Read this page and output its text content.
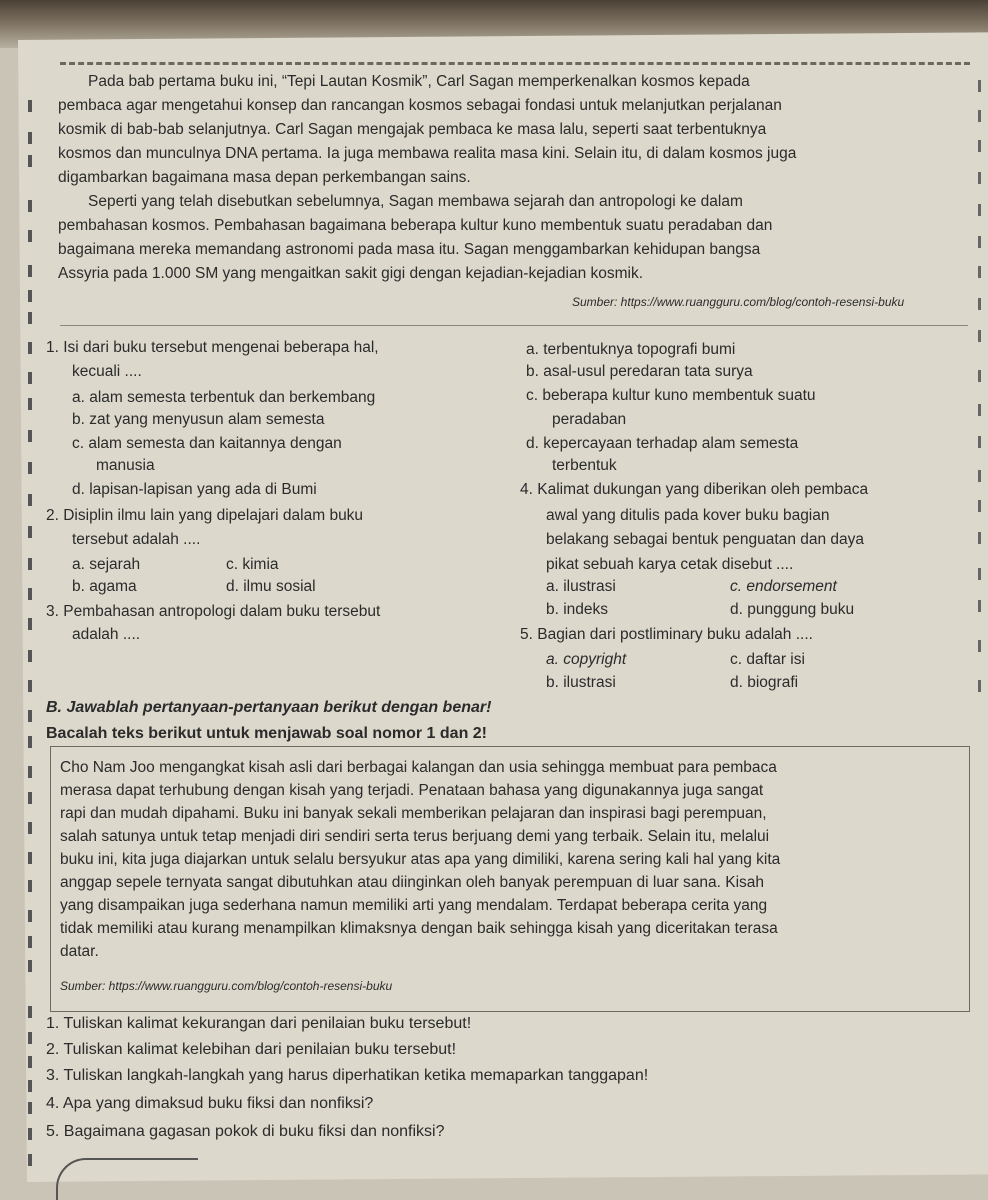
Pada bab pertama buku ini, “Tepi Lautan Kosmik”, Carl Sagan memperkenalkan kosmos kepada
pembaca agar mengetahui konsep dan rancangan kosmos sebagai fondasi untuk melanjutkan perjalanan
kosmik di bab-bab selanjutnya. Carl Sagan mengajak pembaca ke masa lalu, seperti saat terbentuknya
kosmos dan munculnya DNA pertama. Ia juga membawa realita masa kini. Selain itu, di dalam kosmos juga
digambarkan bagaimana masa depan perkembangan sains.
Seperti yang telah disebutkan sebelumnya, Sagan membawa sejarah dan antropologi ke dalam
pembahasan kosmos. Pembahasan bagaimana beberapa kultur kuno membentuk suatu peradaban dan
bagaimana mereka memandang astronomi pada masa itu. Sagan menggambarkan kehidupan bangsa
Assyria pada 1.000 SM yang mengaitkan sakit gigi dengan kejadian-kejadian kosmik.
Sumber: https://www.ruangguru.com/blog/contoh-resensi-buku
1. Isi dari buku tersebut mengenai beberapa hal,
kecuali ....
a. alam semesta terbentuk dan berkembang
b. zat yang menyusun alam semesta
c. alam semesta dan kaitannya dengan
manusia
d. lapisan-lapisan yang ada di Bumi
2. Disiplin ilmu lain yang dipelajari dalam buku
tersebut adalah ....
a. sejarah	c. kimia
b. agama	d. ilmu sosial
3. Pembahasan antropologi dalam buku tersebut
adalah ....
a. terbentuknya topografi bumi
b. asal-usul peredaran tata surya
c. beberapa kultur kuno membentuk suatu
peradaban
d. kepercayaan terhadap alam semesta
terbentuk
4. Kalimat dukungan yang diberikan oleh pembaca
awal yang ditulis pada kover buku bagian
belakang sebagai bentuk penguatan dan daya
pikat sebuah karya cetak disebut ....
a. ilustrasi	c. endorsement
b. indeks	d. punggung buku
5. Bagian dari postliminary buku adalah ....
a. copyright	c. daftar isi
b. ilustrasi	d. biografi
B. Jawablah pertanyaan-pertanyaan berikut dengan benar!
Bacalah teks berikut untuk menjawab soal nomor 1 dan 2!
Cho Nam Joo mengangkat kisah asli dari berbagai kalangan dan usia sehingga membuat para pembaca
merasa dapat terhubung dengan kisah yang terjadi. Penataan bahasa yang digunakannya juga sangat
rapi dan mudah dipahami. Buku ini banyak sekali memberikan pelajaran dan inspirasi bagi perempuan,
salah satunya untuk tetap menjadi diri sendiri serta terus berjuang demi yang terbaik. Selain itu, melalui
buku ini, kita juga diajarkan untuk selalu bersyukur atas apa yang dimiliki, karena sering kali hal yang kita
anggap sepele ternyata sangat dibutuhkan atau diinginkan oleh banyak perempuan di luar sana. Kisah
yang disampaikan juga sederhana namun memiliki arti yang mendalam. Terdapat beberapa cerita yang
tidak memiliki atau kurang menampilkan klimaksnya dengan baik sehingga kisah yang diceritakan terasa
datar.
Sumber: https://www.ruangguru.com/blog/contoh-resensi-buku
1. Tuliskan kalimat kekurangan dari penilaian buku tersebut!
2. Tuliskan kalimat kelebihan dari penilaian buku tersebut!
3. Tuliskan langkah-langkah yang harus diperhatikan ketika memaparkan tanggapan!
4. Apa yang dimaksud buku fiksi dan nonfiksi?
5. Bagaimana gagasan pokok di buku fiksi dan nonfiksi?
